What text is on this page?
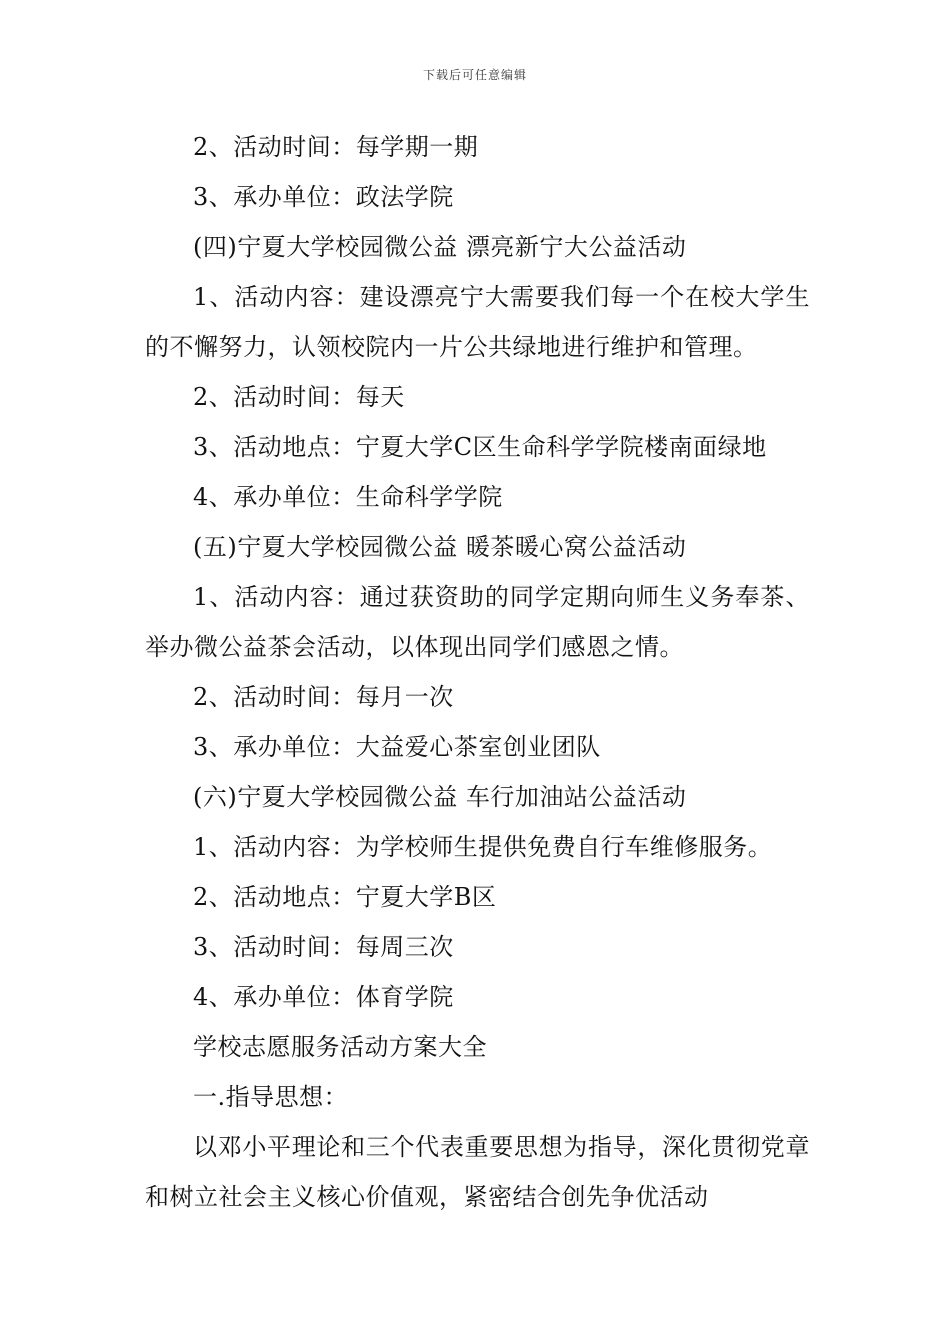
下载后可任意编辑

2、活动时间：每学期一期

3、承办单位：政法学院

(四)宁夏大学校园微公益 漂亮新宁大公益活动

1、活动内容：建设漂亮宁大需要我们每一个在校大学生的不懈努力，认领校院内一片公共绿地进行维护和管理。

2、活动时间：每天

3、活动地点：宁夏大学C区生命科学学院楼南面绿地

4、承办单位：生命科学学院

(五)宁夏大学校园微公益 暖茶暖心窝公益活动

1、活动内容：通过获资助的同学定期向师生义务奉茶、举办微公益茶会活动，以体现出同学们感恩之情。

2、活动时间：每月一次

3、承办单位：大益爱心茶室创业团队

(六)宁夏大学校园微公益 车行加油站公益活动

1、活动内容：为学校师生提供免费自行车维修服务。

2、活动地点：宁夏大学B区

3、活动时间：每周三次

4、承办单位：体育学院

学校志愿服务活动方案大全

一.指导思想：

以邓小平理论和三个代表重要思想为指导，深化贯彻党章和树立社会主义核心价值观，紧密结合创先争优活动
